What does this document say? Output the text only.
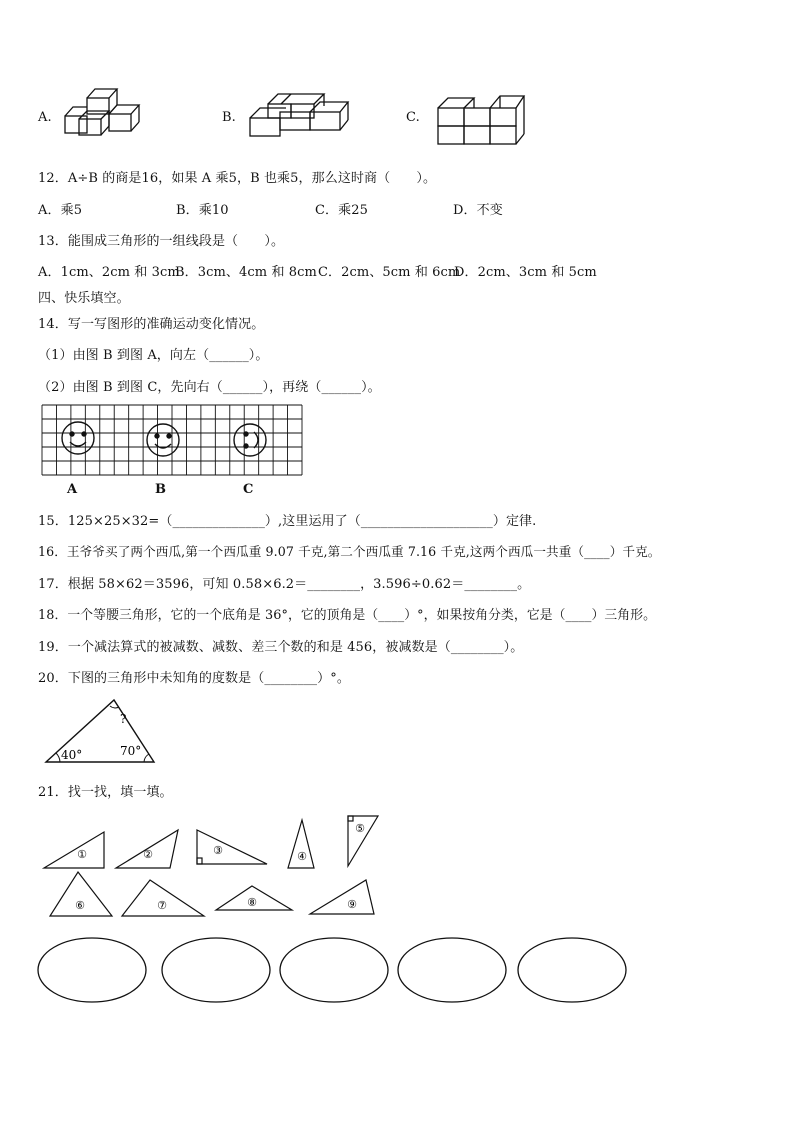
A.	B.	C.
12．A÷B 的商是16，如果 A 乘5，B 也乘5，那么这时商（　　）。
A．乘5	B．乘10	C．乘25	D．不变
13．能围成三角形的一组线段是（　　）。
A．1cm、2cm 和 3cm
B．3cm、4cm 和 8cm C．2cm、5cm 和 6cm
D．2cm、3cm 和 5cm
四、快乐填空。
14．写一写图形的准确运动变化情况。
（1）由图 B 到图 A，向左（______）。
（2）由图 B 到图 C，先向右（______），再绕（______）。
A	B	C
15．125×25×32=（______________）,这里运用了（____________________）定律.
16．王爷爷买了两个西瓜,第一个西瓜重 9.07 千克,第二个西瓜重 7.16 千克,这两个西瓜一共重（____）千克。
17．根据 58×62＝3596，可知 0.58×6.2＝________，3.596÷0.62＝________。
18．一个等腰三角形，它的一个底角是 36°，它的顶角是（____）°，如果按角分类，它是（____）三角形。
19．一个减法算式的被减数、减数、差三个数的和是 456，被减数是（________）。
20．下图的三角形中未知角的度数是（________）°。
40°	70°
?
21．找一找，填一填。
①	②	③	④
⑤
⑥	⑦	⑧	⑨
